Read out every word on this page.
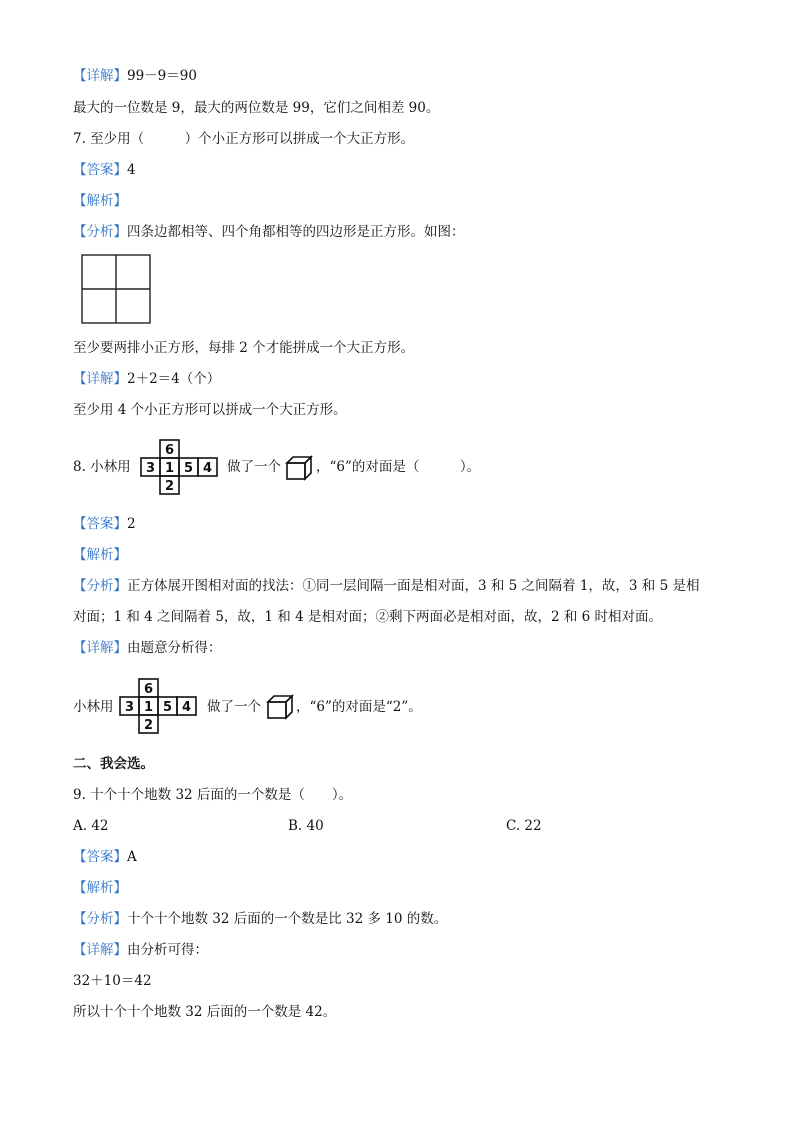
【详解】99－9＝90
最大的一位数是 9，最大的两位数是 99，它们之间相差 90。
7. 至少用（　　　）个小正方形可以拼成一个大正方形。
【答案】4
【解析】
【分析】四条边都相等、四个角都相等的四边形是正方形。如图：
至少要两排小正方形，每排 2 个才能拼成一个大正方形。
【详解】2＋2＝4（个）
至少用 4 个小正方形可以拼成一个大正方形。
8. 小林用
6
3 1 5 4
2
做了一个	，“6”的对面是（　　　）。
【答案】2
【解析】
【分析】正方体展开图相对面的找法：①同一层间隔一面是相对面，3 和 5 之间隔着 1，故，3 和 5 是相
对面；1 和 4 之间隔着 5，故，1 和 4 是相对面；②剩下两面必是相对面，故，2 和 6 时相对面。
【详解】由题意分析得：
小林用
6
3 1 5 4
2
做了一个	，“6”的对面是“2”。
二、我会选。
9. 十个十个地数 32 后面的一个数是（　　）。
A. 42	B. 40	C. 22
【答案】A
【解析】
【分析】十个十个地数 32 后面的一个数是比 32 多 10 的数。
【详解】由分析可得：
32＋10＝42
所以十个十个地数 32 后面的一个数是 42。
